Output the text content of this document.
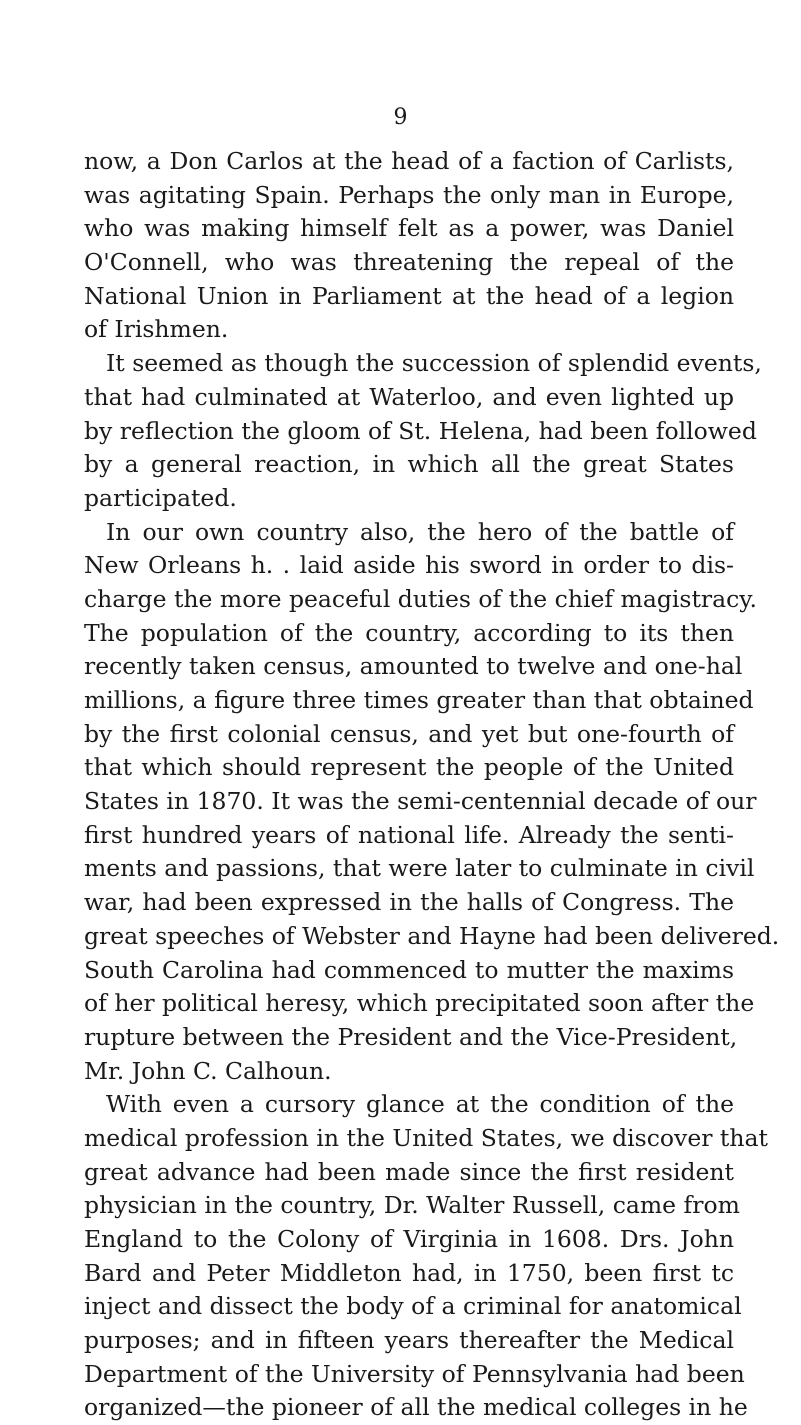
9
now, a Don Carlos at the head of a faction of Carlists,
was agitating Spain. Perhaps the only man in Europe,
who was making himself felt as a power, was Daniel
O'Connell, who was threatening the repeal of the
National Union in Parliament at the head of a legion
of Irishmen.
It seemed as though the succession of splendid events,
that had culminated at Waterloo, and even lighted up
by reflection the gloom of St. Helena, had been followed
by a general reaction, in which all the great States
participated.
In our own country also, the hero of the battle of
New Orleans h. . laid aside his sword in order to dis-
charge the more peaceful duties of the chief magistracy.
The population of the country, according to its then
recently taken census, amounted to twelve and one-hal
millions, a figure three times greater than that obtained
by the first colonial census, and yet but one-fourth of
that which should represent the people of the United
States in 1870. It was the semi-centennial decade of our
first hundred years of national life. Already the senti-
ments and passions, that were later to culminate in civil
war, had been expressed in the halls of Congress. The
great speeches of Webster and Hayne had been delivered.
South Carolina had commenced to mutter the maxims
of her political heresy, which precipitated soon after the
rupture between the President and the Vice-President,
Mr. John C. Calhoun.
With even a cursory glance at the condition of the
medical profession in the United States, we discover that
great advance had been made since the first resident
physician in the country, Dr. Walter Russell, came from
England to the Colony of Virginia in 1608. Drs. John
Bard and Peter Middleton had, in 1750, been first tc
inject and dissect the body of a criminal for anatomical
purposes; and in fifteen years thereafter the Medical
Department of the University of Pennsylvania had been
organized—the pioneer of all the medical colleges in he
